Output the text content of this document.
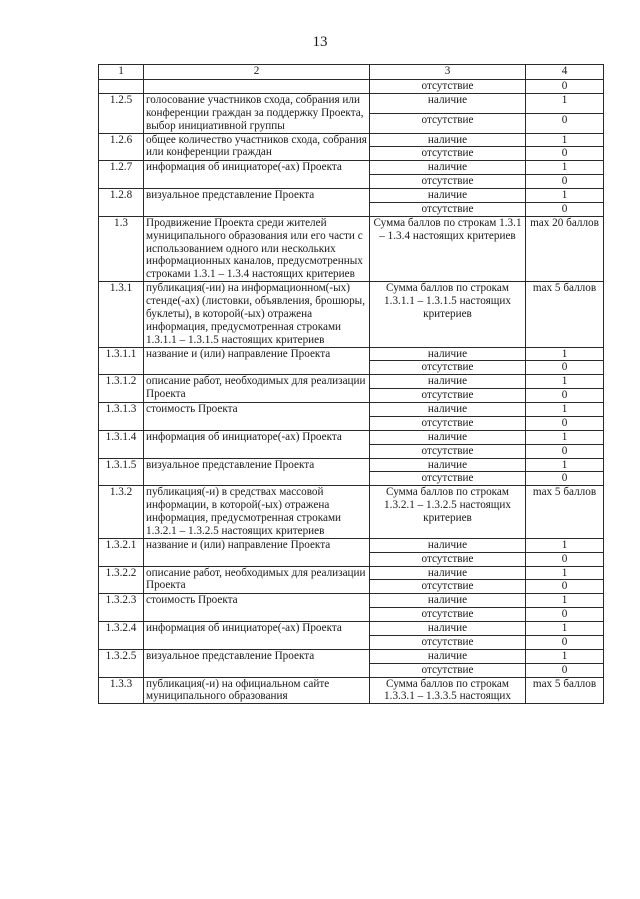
13
1	2	3	4
		отсутствие	0
1.2.5	голосование участников схода, собрания или конференции граждан за поддержку Проекта, выбор инициативной группы	наличие	1
		отсутствие	0
1.2.6	общее количество участников схода, собрания или конференции граждан	наличие	1
		отсутствие	0
1.2.7	информация об инициаторе(-ах) Проекта	наличие	1
		отсутствие	0
1.2.8	визуальное представление Проекта	наличие	1
		отсутствие	0
1.3	Продвижение Проекта среди жителей муниципального образования или его части с использованием одного или нескольких информационных каналов, предусмотренных строками 1.3.1 – 1.3.4 настоящих критериев	Сумма баллов по строкам 1.3.1 – 1.3.4 настоящих критериев	max 20 баллов
1.3.1	публикация(-ии) на информационном(-ых) стенде(-ах) (листовки, объявления, брошюры, буклеты), в которой(-ых) отражена информация, предусмотренная строками 1.3.1.1 – 1.3.1.5 настоящих критериев	Сумма баллов по строкам 1.3.1.1 – 1.3.1.5 настоящих критериев	max 5 баллов
1.3.1.1	название и (или) направление Проекта	наличие	1
		отсутствие	0
1.3.1.2	описание работ, необходимых для реализации Проекта	наличие	1
		отсутствие	0
1.3.1.3	стоимость Проекта	наличие	1
		отсутствие	0
1.3.1.4	информация об инициаторе(-ах) Проекта	наличие	1
		отсутствие	0
1.3.1.5	визуальное представление Проекта	наличие	1
		отсутствие	0
1.3.2	публикация(-и) в средствах массовой информации, в которой(-ых) отражена информация, предусмотренная строками 1.3.2.1 – 1.3.2.5 настоящих критериев	Сумма баллов по строкам 1.3.2.1 – 1.3.2.5 настоящих критериев	max 5 баллов
1.3.2.1	название и (или) направление Проекта	наличие	1
		отсутствие	0
1.3.2.2	описание работ, необходимых для реализации Проекта	наличие	1
		отсутствие	0
1.3.2.3	стоимость Проекта	наличие	1
		отсутствие	0
1.3.2.4	информация об инициаторе(-ах) Проекта	наличие	1
		отсутствие	0
1.3.2.5	визуальное представление Проекта	наличие	1
		отсутствие	0
1.3.3	публикация(-и) на официальном сайте муниципального образования	Сумма баллов по строкам 1.3.3.1 – 1.3.3.5 настоящих	max 5 баллов
